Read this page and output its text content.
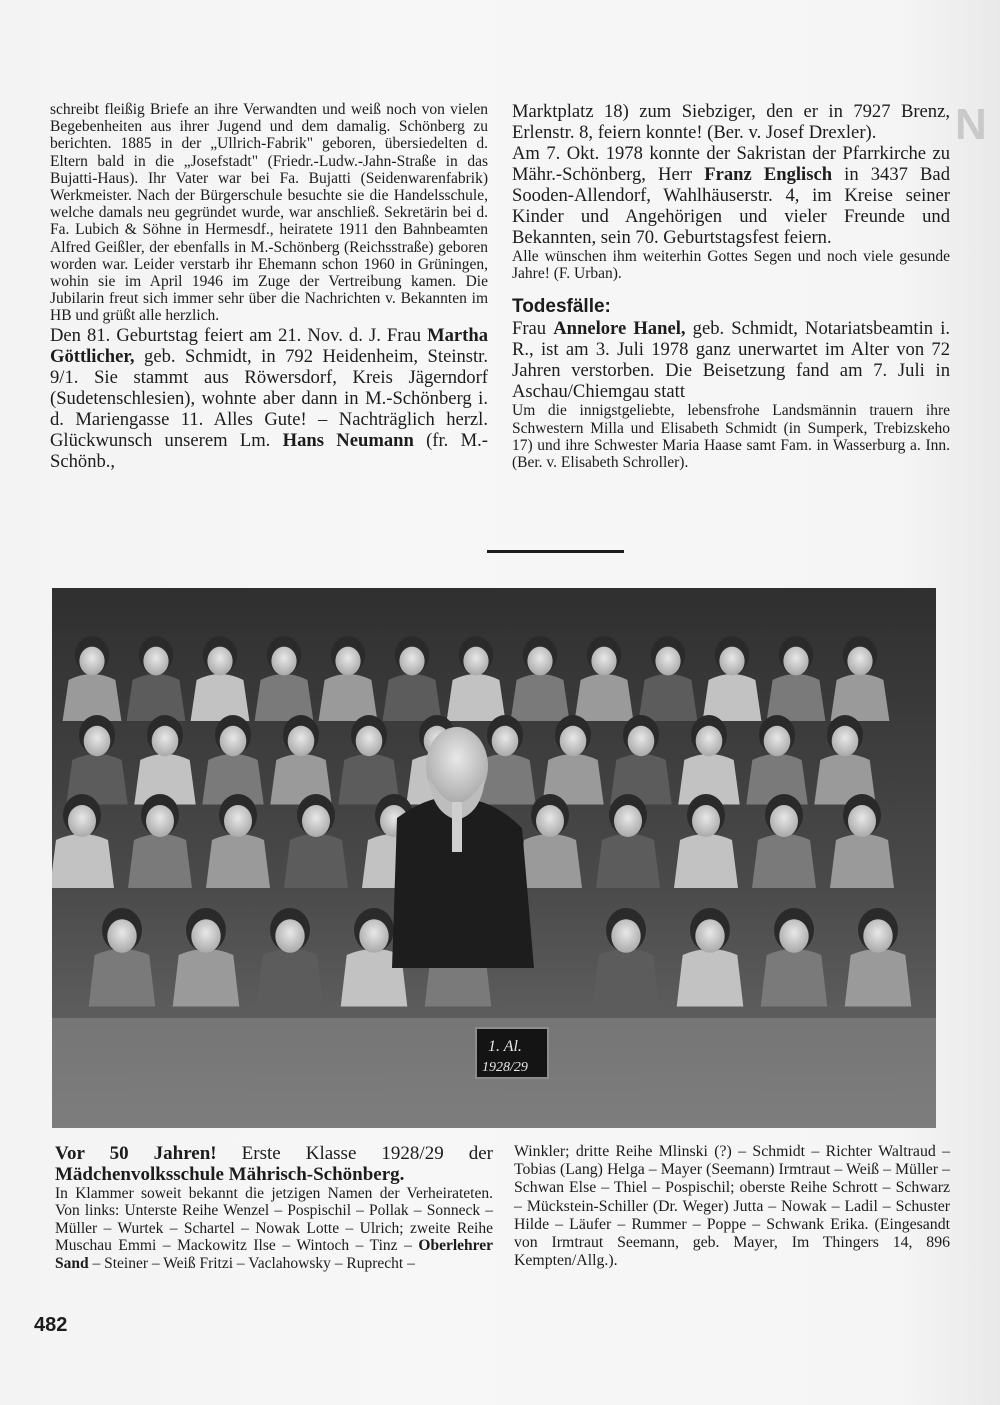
N

schreibt fleißig Briefe an ihre Verwandten und weiß noch von vielen Begebenheiten aus ihrer Jugend und dem damalig. Schönberg zu berichten. 1885 in der „Ullrich-Fabrik" geboren, übersiedelten d. Eltern bald in die „Josefstadt" (Friedr.-Ludw.-Jahn-Straße in das Bujatti-Haus). Ihr Vater war bei Fa. Bujatti (Seidenwarenfabrik) Werkmeister. Nach der Bürgerschule besuchte sie die Handelsschule, welche damals neu gegründet wurde, war anschließ. Sekretärin bei d. Fa. Lubich & Söhne in Hermesdf., heiratete 1911 den Bahnbeamten Alfred Geißler, der ebenfalls in M.-Schönberg (Reichsstraße) geboren worden war. Leider verstarb ihr Ehemann schon 1960 in Grüningen, wohin sie im April 1946 im Zuge der Vertreibung kamen. Die Jubilarin freut sich immer sehr über die Nachrichten v. Bekannten im HB und grüßt alle herzlich.

Den 81. Geburtstag feiert am 21. Nov. d. J. Frau Martha Göttlicher, geb. Schmidt, in 792 Heidenheim, Steinstr. 9/1. Sie stammt aus Röwersdorf, Kreis Jägerndorf (Sudetenschlesien), wohnte aber dann in M.-Schönberg i. d. Mariengasse 11. Alles Gute! – Nachträglich herzl. Glückwunsch unserem Lm. Hans Neumann (fr. M.-Schönb.,

Marktplatz 18) zum Siebziger, den er in 7927 Brenz, Erlenstr. 8, feiern konnte! (Ber. v. Josef Drexler).

Am 7. Okt. 1978 konnte der Sakristan der Pfarrkirche zu Mähr.-Schönberg, Herr Franz Englisch in 3437 Bad Sooden-Allendorf, Wahlhäuserstr. 4, im Kreise seiner Kinder und Angehörigen und vieler Freunde und Bekannten, sein 70. Geburtstagsfest feiern.

Alle wünschen ihm weiterhin Gottes Segen und noch viele gesunde Jahre! (F. Urban).

Todesfälle:

Frau Annelore Hanel, geb. Schmidt, Notariatsbeamtin i. R., ist am 3. Juli 1978 ganz unerwartet im Alter von 72 Jahren verstorben. Die Beisetzung fand am 7. Juli in Aschau/Chiemgau statt

Um die innigstgeliebte, lebensfrohe Landsmännin trauern ihre Schwestern Milla und Elisabeth Schmidt (in Sumperk, Trebizskeho 17) und ihre Schwester Maria Haase samt Fam. in Wasserburg a. Inn. (Ber. v. Elisabeth Schroller).

1. Al.
1928/29

Vor 50 Jahren! Erste Klasse 1928/29 der Mädchenvolksschule Mährisch-Schönberg.

In Klammer soweit bekannt die jetzigen Namen der Verheirateten. Von links: Unterste Reihe Wenzel – Pospischil – Pollak – Sonneck – Müller – Wurtek – Schartel – Nowak Lotte – Ulrich; zweite Reihe Muschau Emmi – Mackowitz Ilse – Wintoch – Tinz – Oberlehrer Sand – Steiner – Weiß Fritzi – Vaclahowsky – Ruprecht –

Winkler; dritte Reihe Mlinski (?) – Schmidt – Richter Waltraud – Tobias (Lang) Helga – Mayer (Seemann) Irmtraut – Weiß – Müller – Schwan Else – Thiel – Pospischil; oberste Reihe Schrott – Schwarz – Mückstein-Schiller (Dr. Weger) Jutta – Nowak – Ladil – Schuster Hilde – Läufer – Rummer – Poppe – Schwank Erika. (Eingesandt von Irmtraut Seemann, geb. Mayer, Im Thingers 14, 896 Kempten/Allg.).

482
